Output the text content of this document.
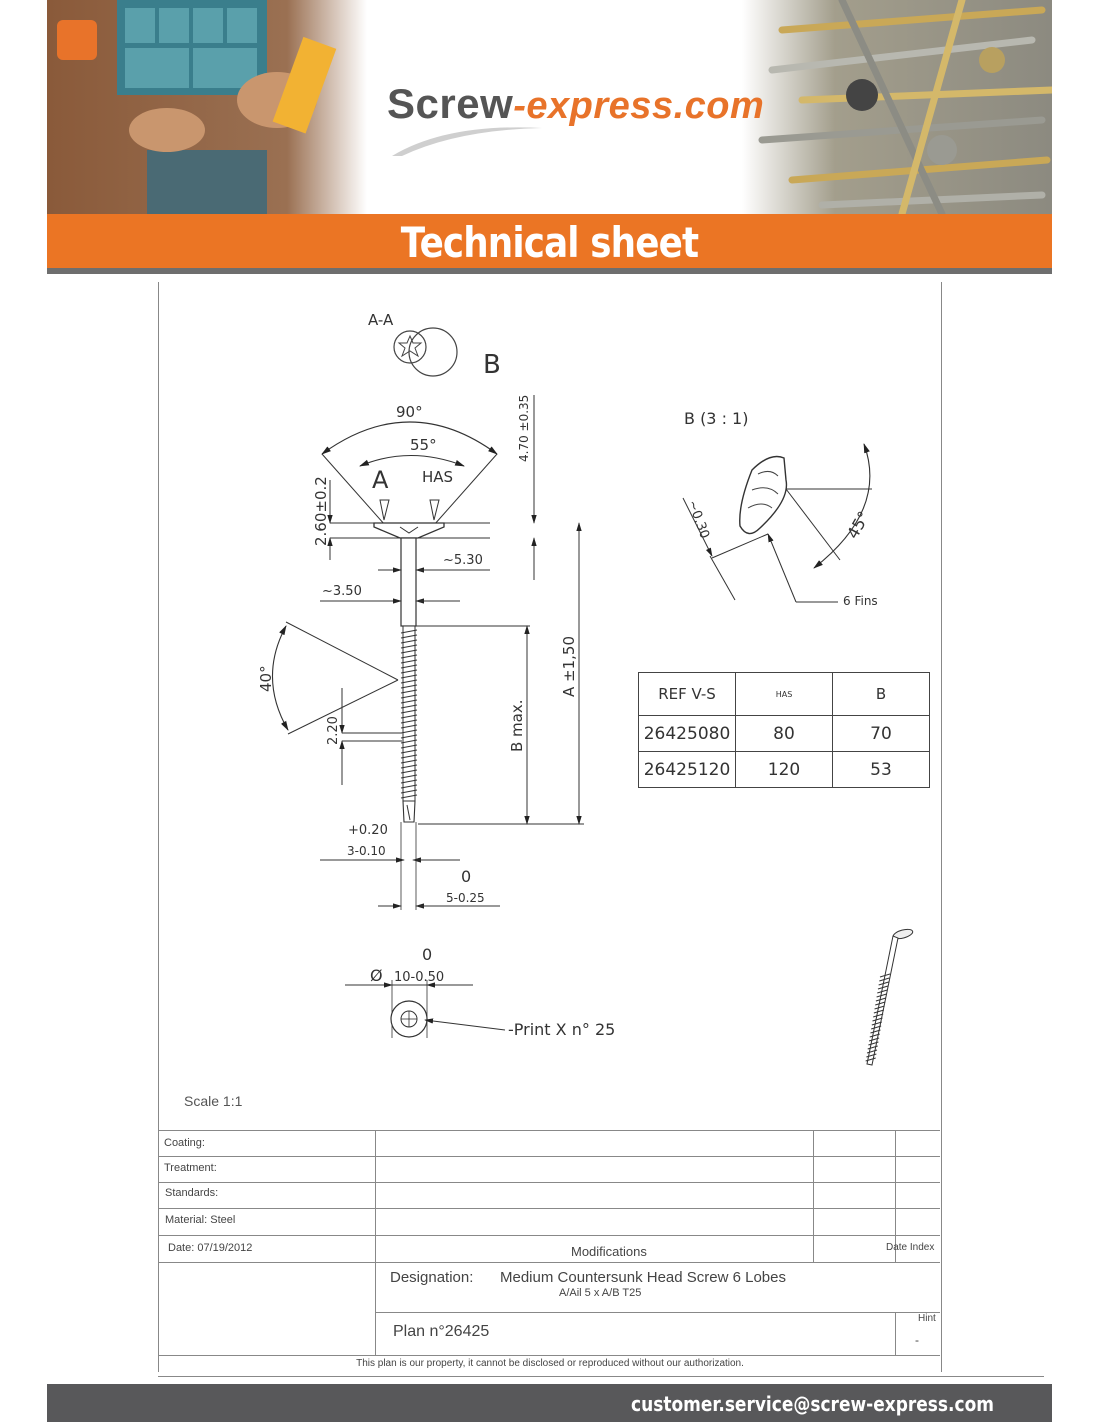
Screw-express.com
Technical sheet
A-A
B
90°
55°
A HAS
2.60±0.2
4.70 ±0.35
~5.30
~3.50
40°
2.20	B max.
A ±1,50
+0.20
3-0.10
0
5-0.25
0
Ø 10-0.50
-Print X n° 25
B (3 : 1)
45°
~0.30
6 Fins
REF V-S	HAS	B
26425080	80	70
26425120	120	53
Scale 1:1
Coating:
Treatment:
Standards:
Material: Steel
Date: 07/19/2012	Modifications	Date Index
Designation: Medium Countersunk Head Screw 6 Lobes
A/Ail 5 x A/B T25
Plan n°26425
Hint
-
This plan is our property, it cannot be disclosed or reproduced without our authorization.
customer.service@screw-express.com
